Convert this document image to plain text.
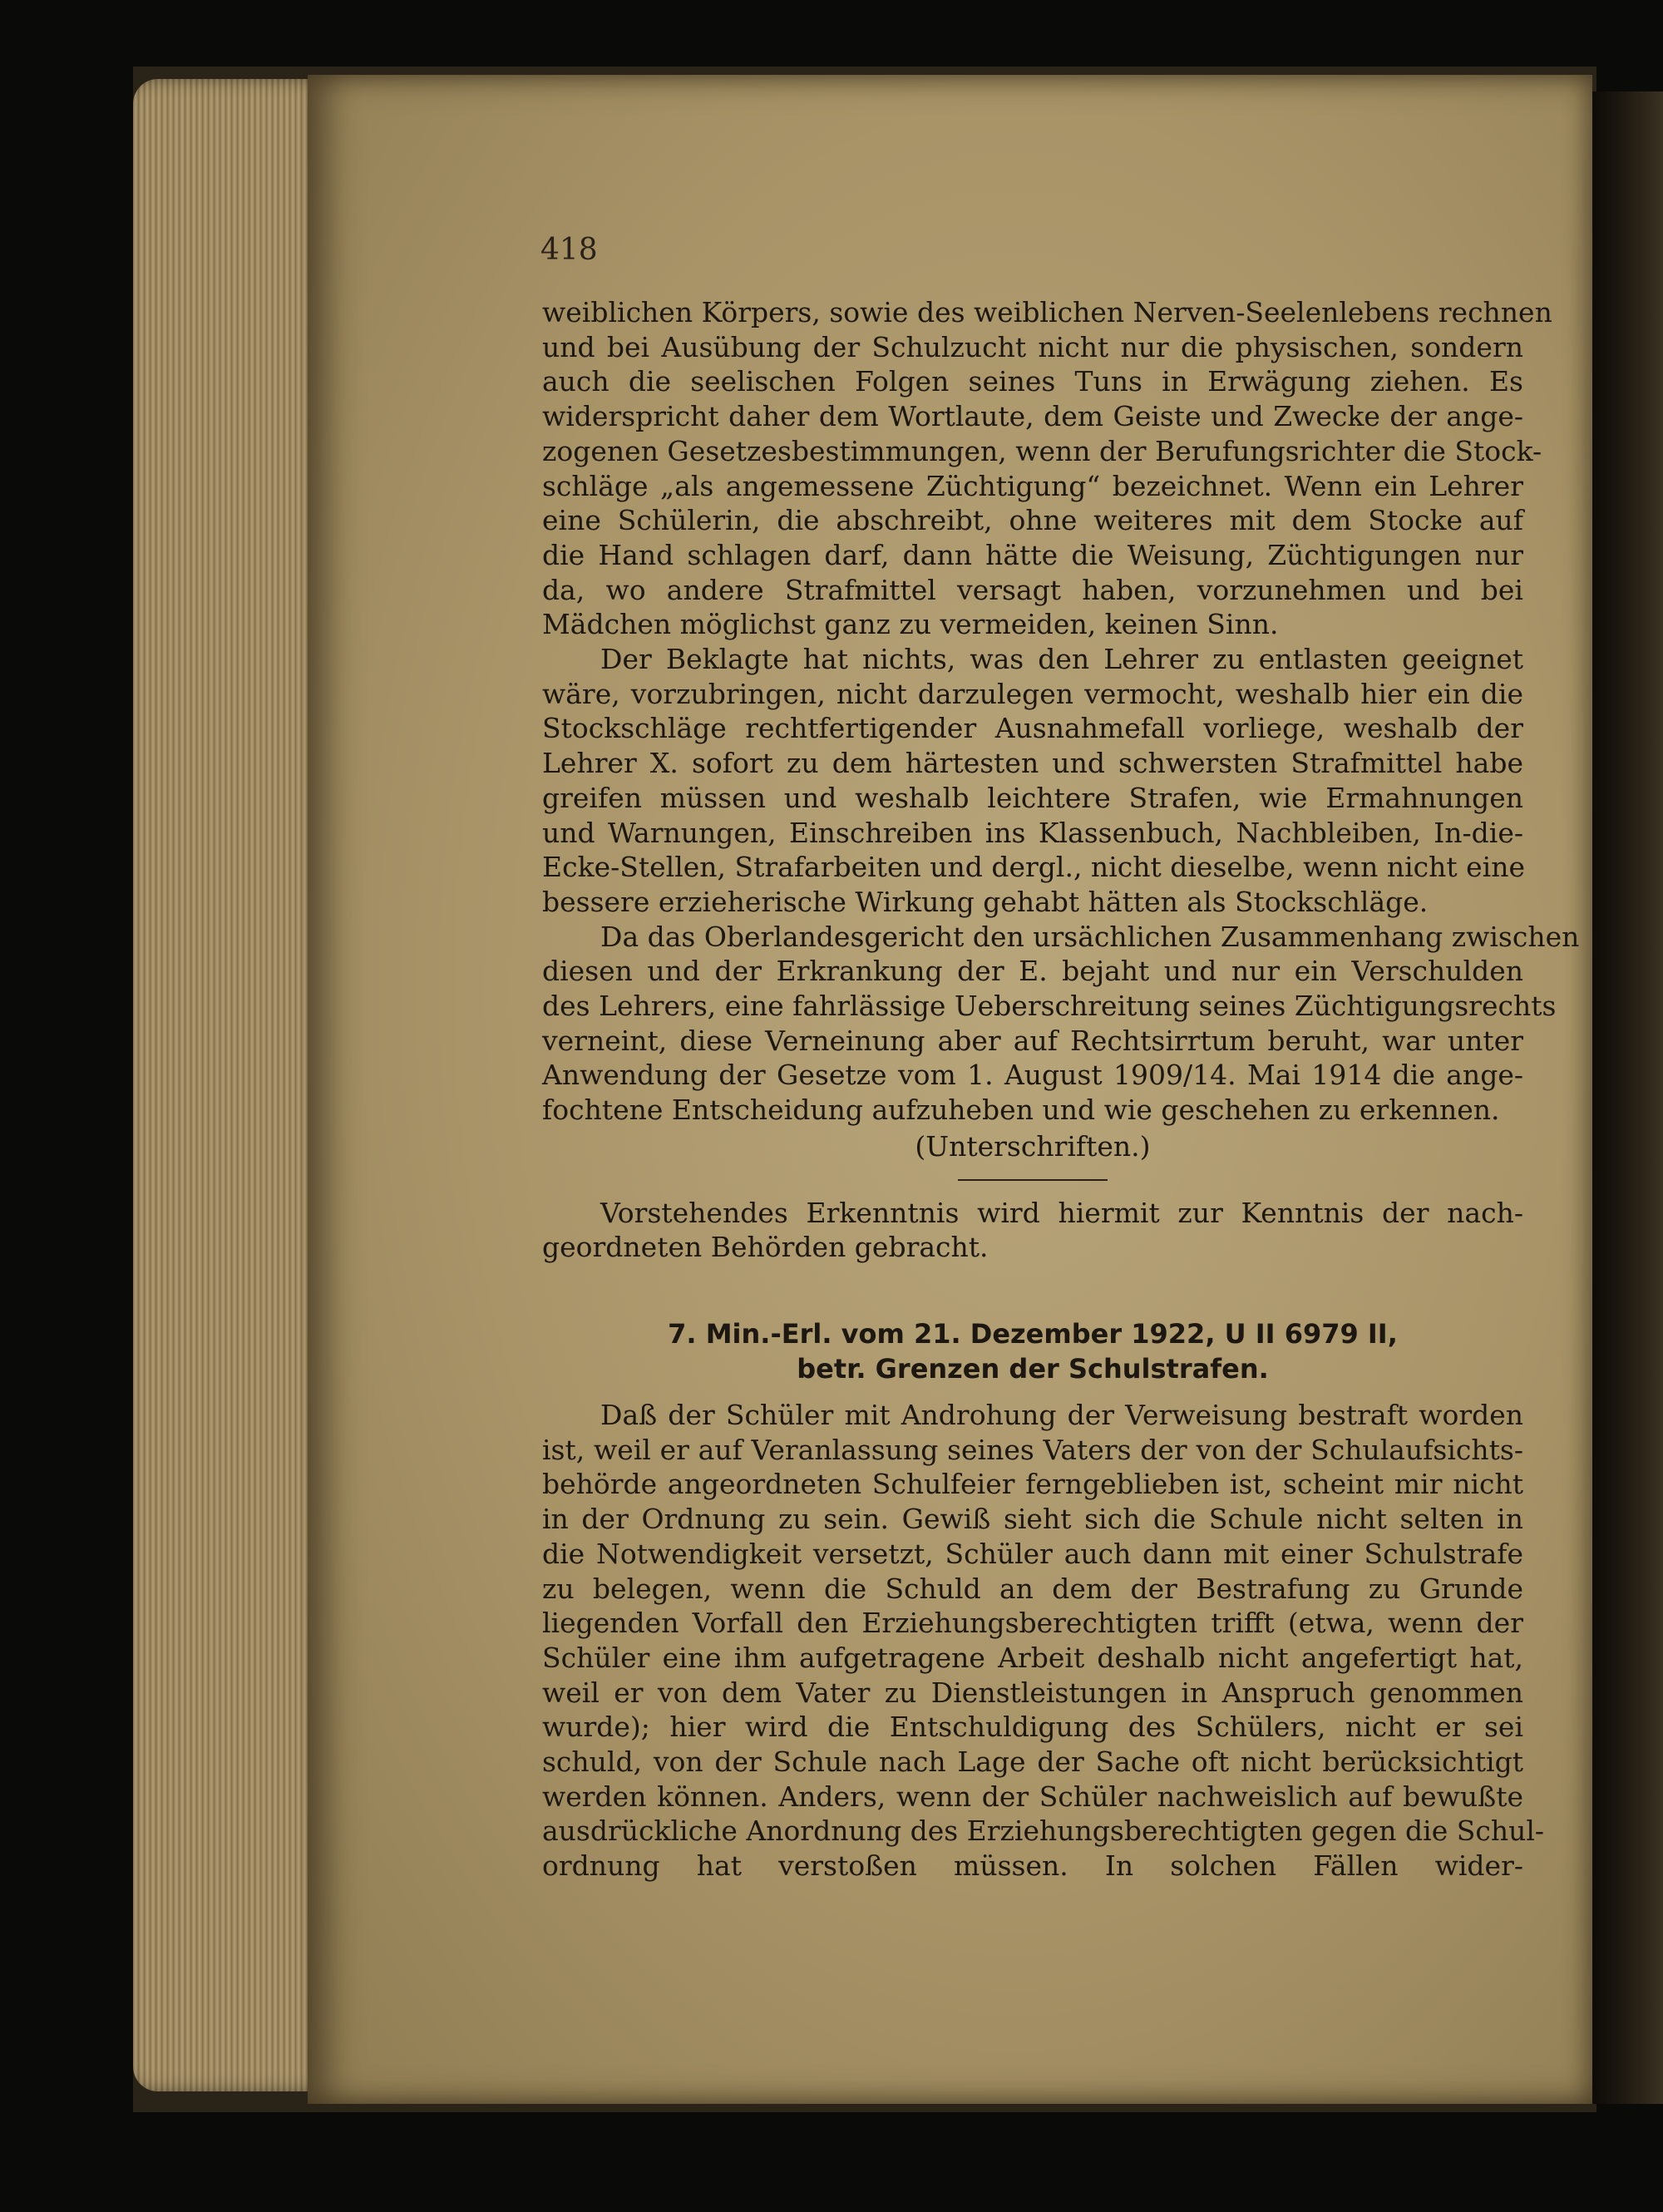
418
weiblichen Körpers, sowie des weiblichen Nerven-Seelenlebens rechnen
und bei Ausübung der Schulzucht nicht nur die physischen, sondern
auch die seelischen Folgen seines Tuns in Erwägung ziehen. Es
widerspricht daher dem Wortlaute, dem Geiste und Zwecke der ange-
zogenen Gesetzesbestimmungen, wenn der Berufungsrichter die Stock-
schläge „als angemessene Züchtigung“ bezeichnet. Wenn ein Lehrer
eine Schülerin, die abschreibt, ohne weiteres mit dem Stocke auf
die Hand schlagen darf, dann hätte die Weisung, Züchtigungen nur
da, wo andere Strafmittel versagt haben, vorzunehmen und bei
Mädchen möglichst ganz zu vermeiden, keinen Sinn.
Der Beklagte hat nichts, was den Lehrer zu entlasten geeignet
wäre, vorzubringen, nicht darzulegen vermocht, weshalb hier ein die
Stockschläge rechtfertigender Ausnahmefall vorliege, weshalb der
Lehrer X. sofort zu dem härtesten und schwersten Strafmittel habe
greifen müssen und weshalb leichtere Strafen, wie Ermahnungen
und Warnungen, Einschreiben ins Klassenbuch, Nachbleiben, In-die-
Ecke-Stellen, Strafarbeiten und dergl., nicht dieselbe, wenn nicht eine
bessere erzieherische Wirkung gehabt hätten als Stockschläge.
Da das Oberlandesgericht den ursächlichen Zusammenhang zwischen
diesen und der Erkrankung der E. bejaht und nur ein Verschulden
des Lehrers, eine fahrlässige Ueberschreitung seines Züchtigungsrechts
verneint, diese Verneinung aber auf Rechtsirrtum beruht, war unter
Anwendung der Gesetze vom 1. August 1909/14. Mai 1914 die ange-
fochtene Entscheidung aufzuheben und wie geschehen zu erkennen.
(Unterschriften.)
Vorstehendes Erkenntnis wird hiermit zur Kenntnis der nach-
geordneten Behörden gebracht.
7. Min.-Erl. vom 21. Dezember 1922, U II 6979 II,
betr. Grenzen der Schulstrafen.
Daß der Schüler mit Androhung der Verweisung bestraft worden
ist, weil er auf Veranlassung seines Vaters der von der Schulaufsichts-
behörde angeordneten Schulfeier ferngeblieben ist, scheint mir nicht
in der Ordnung zu sein. Gewiß sieht sich die Schule nicht selten in
die Notwendigkeit versetzt, Schüler auch dann mit einer Schulstrafe
zu belegen, wenn die Schuld an dem der Bestrafung zu Grunde
liegenden Vorfall den Erziehungsberechtigten trifft (etwa, wenn der
Schüler eine ihm aufgetragene Arbeit deshalb nicht angefertigt hat,
weil er von dem Vater zu Dienstleistungen in Anspruch genommen
wurde); hier wird die Entschuldigung des Schülers, nicht er sei
schuld, von der Schule nach Lage der Sache oft nicht berücksichtigt
werden können. Anders, wenn der Schüler nachweislich auf bewußte
ausdrückliche Anordnung des Erziehungsberechtigten gegen die Schul-
ordnung hat verstoßen müssen. In solchen Fällen wider-
